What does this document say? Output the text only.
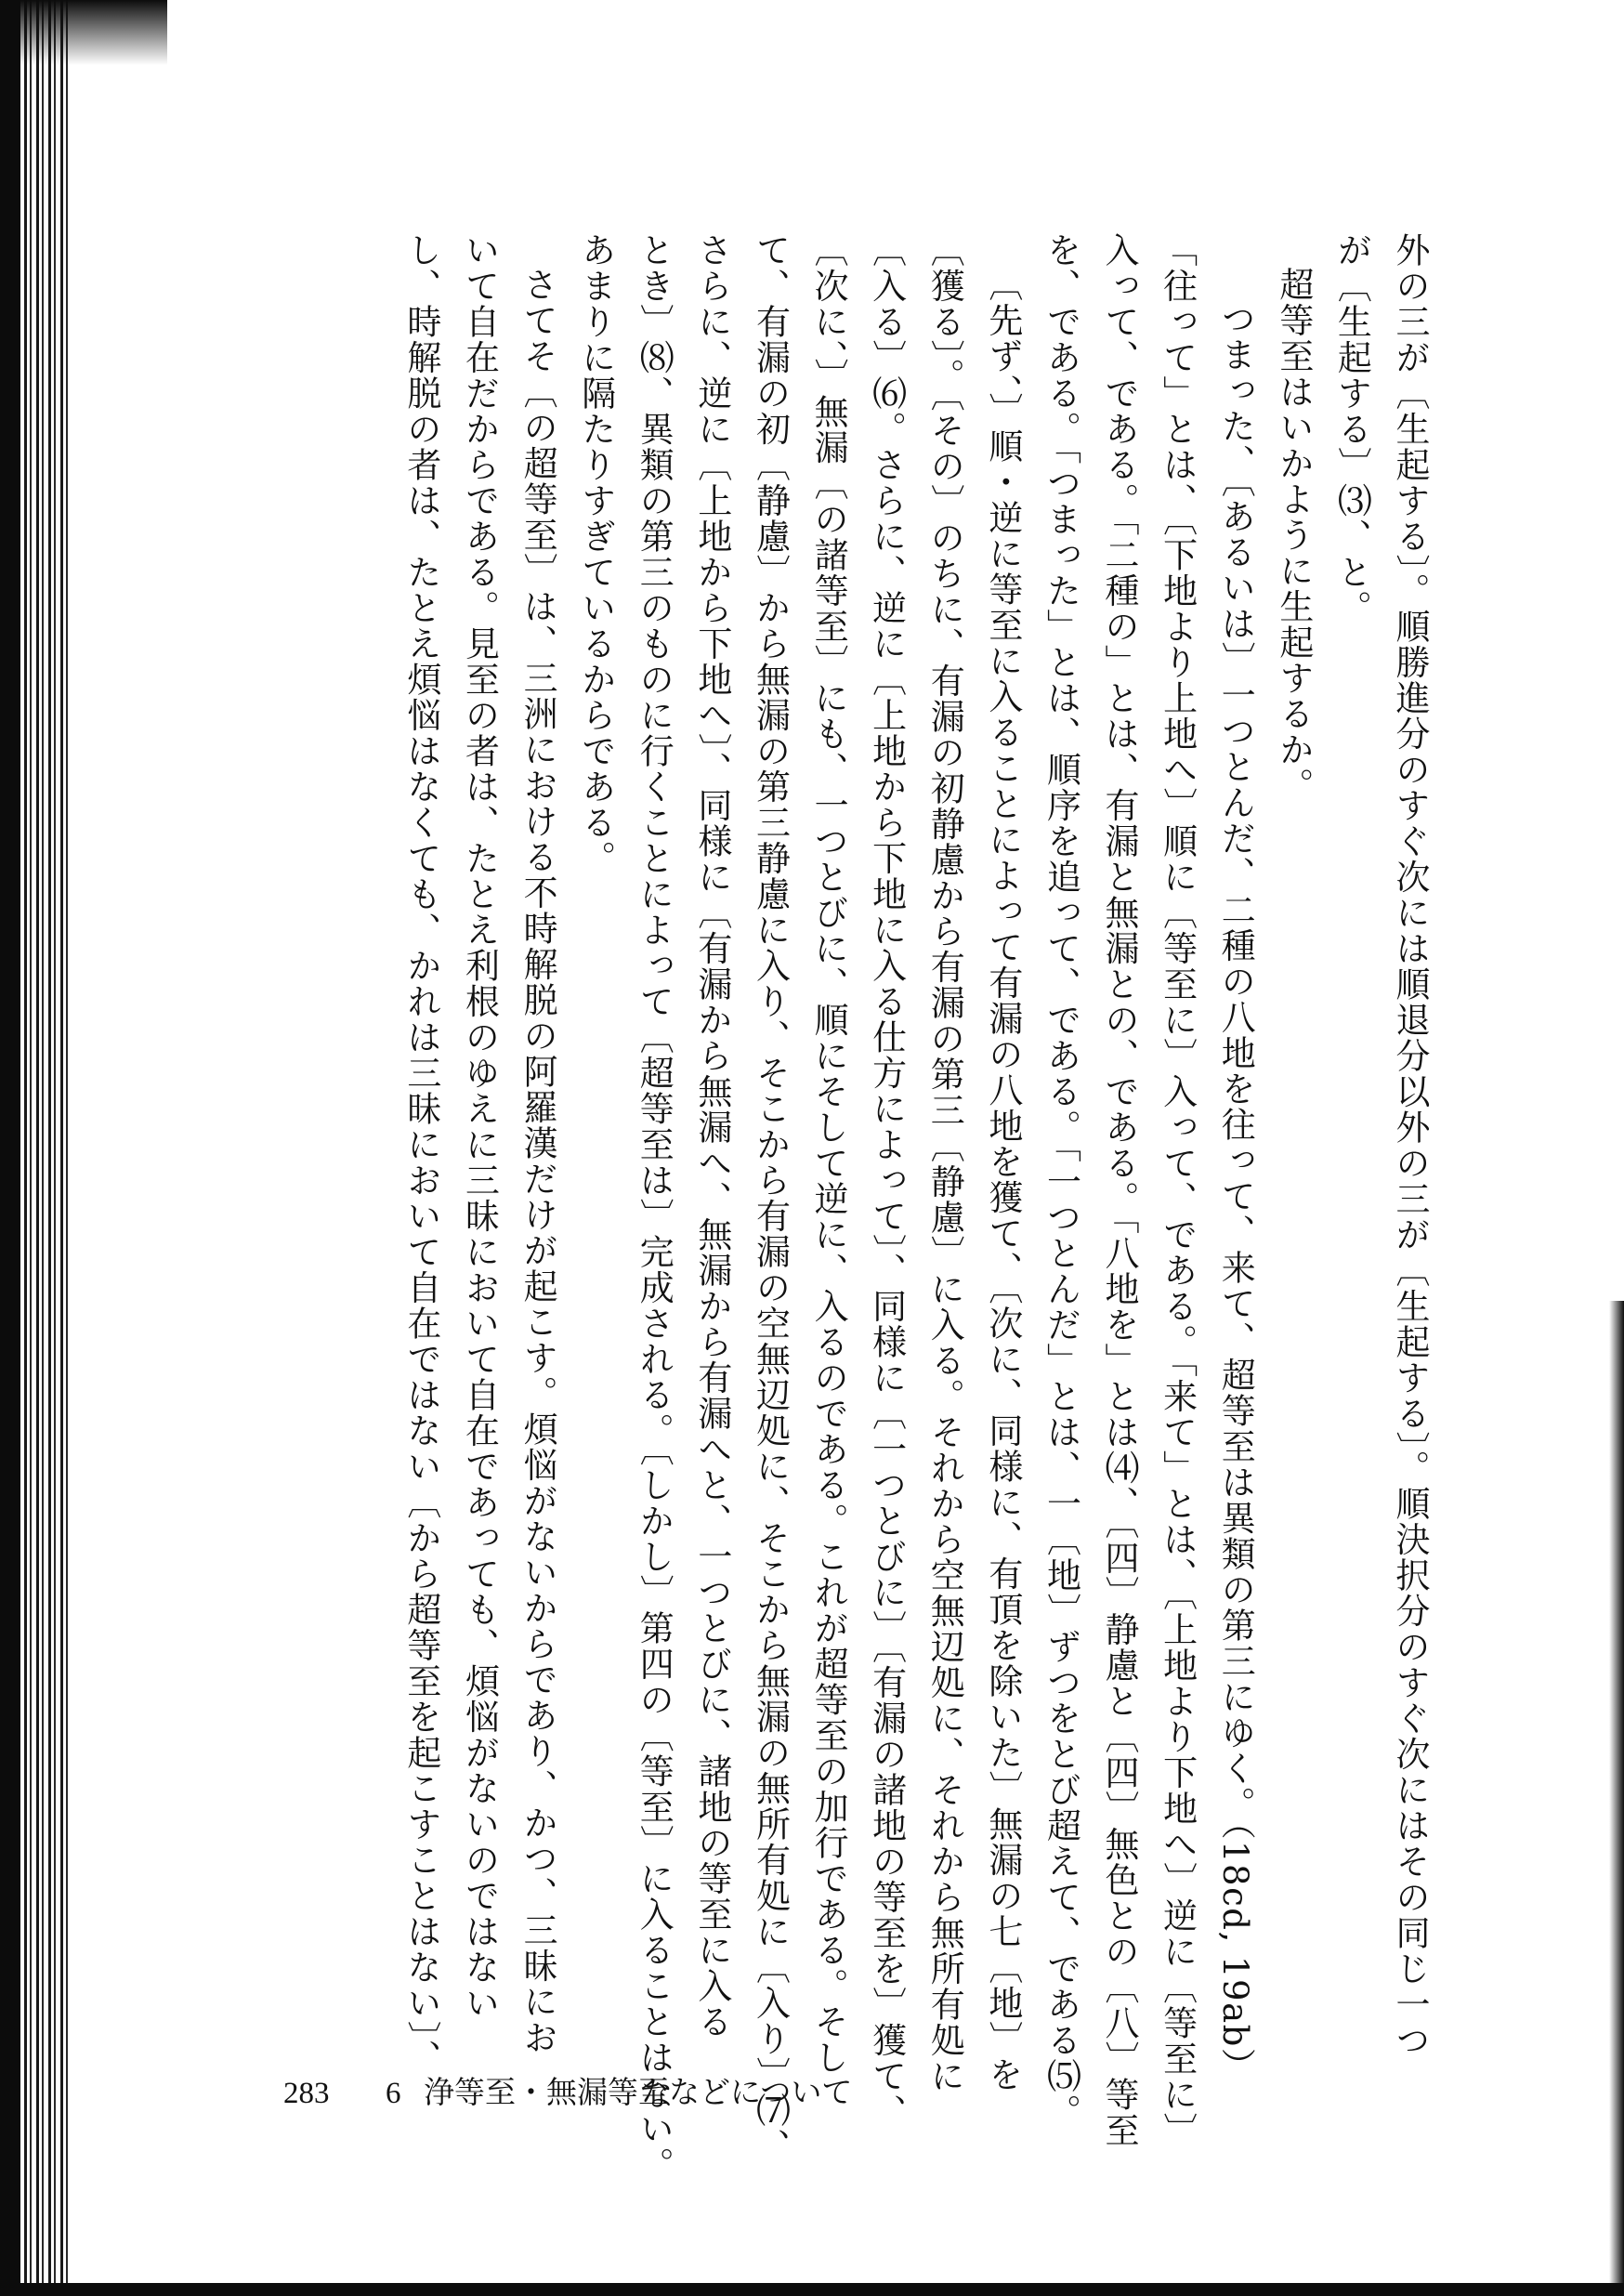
外の三が〔生起する〕。順勝進分のすぐ次には順退分以外の三が〔生起する〕。順決択分のすぐ次にはその同じ一つ
が〔生起する〕⑶、と。
超等至はいかように生起するか。
つまった、〔あるいは〕一つとんだ、二種の八地を往って、来て、超等至は異類の第三にゆく。（18cd, 19ab）
「往って」とは、〔下地より上地へ〕順に〔等至に〕入って、である。「来て」とは、〔上地より下地へ〕逆に〔等至に〕
入って、である。「二種の」とは、有漏と無漏との、である。「八地を」とは⑷、〔四〕静慮と〔四〕無色との〔八〕等至
を、である。「つまった」とは、順序を追って、である。「一つとんだ」とは、一〔地〕ずつをとび超えて、である⑸。
〔先ず、〕順・逆に等至に入ることによって有漏の八地を獲て、〔次に、同様に、有頂を除いた〕無漏の七〔地〕を
〔獲る〕。〔その〕のちに、有漏の初静慮から有漏の第三〔静慮〕に入る。それから空無辺処に、それから無所有処に
〔入る〕⑹。さらに、逆に〔上地から下地に入る仕方によって〕、同様に〔一つとびに〕〔有漏の諸地の等至を〕獲て、
〔次に、〕無漏〔の諸等至〕にも、一つとびに、順にそして逆に、入るのである。これが超等至の加行である。そし
て、有漏の初〔静慮〕から無漏の第三静慮に入り、そこから有漏の空無辺処に、そこから無漏の無所有処に〔入り〕⑺、
さらに、逆に〔上地から下地へ〕、同様に〔有漏から無漏へ、無漏から有漏へと、一つとびに、諸地の等至に入る
とき〕⑻、異類の第三のものに行くことによって〔超等至は〕完成される。〔しかし〕第四の〔等至〕に入ることはない。
あまりに隔たりすぎているからである。
さてそ〔の超等至〕は、三洲における不時解脱の阿羅漢だけが起こす。煩悩がないからであり、かつ、三昧にお
いて自在だからである。見至の者は、たとえ利根のゆえに三昧において自在であっても、煩悩がないのではない
し、時解脱の者は、たとえ煩悩はなくても、かれは三昧において自在ではない〔から超等至を起こすことはない〕、
283 6 浄等至・無漏等至などについて
